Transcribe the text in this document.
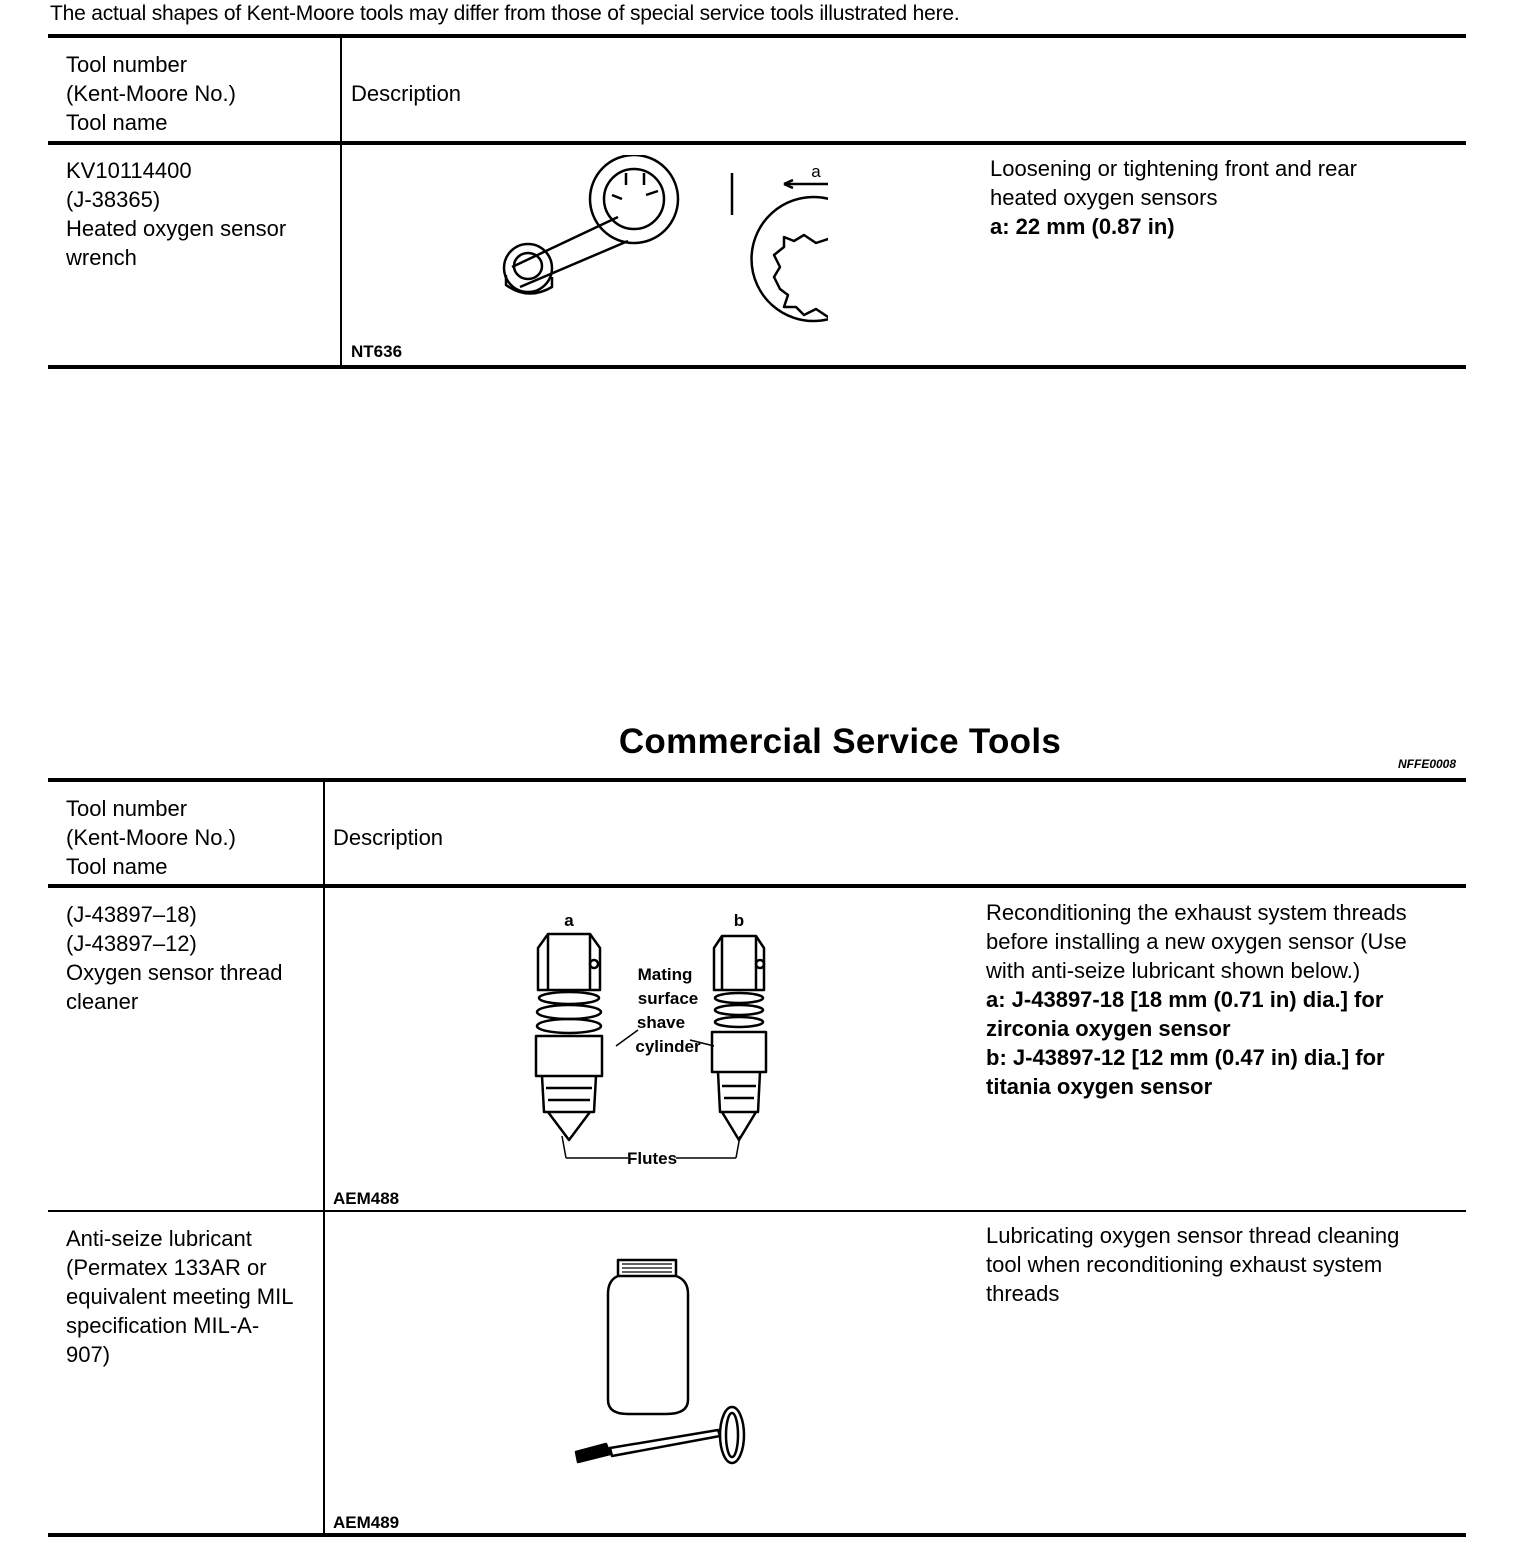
The actual shapes of Kent-Moore tools may differ from those of special service tools illustrated here.
Tool number
(Kent-Moore No.)
Tool name
Description
KV10114400
(J-38365)
Heated oxygen sensor
wrench
a
NT636
Loosening or tightening front and rear
heated oxygen sensors
a: 22 mm (0.87 in)
Commercial Service Tools
NFFE0008
Tool number
(Kent-Moore No.)
Tool name
Description
(J-43897–18)
(J-43897–12)
Oxygen sensor thread
cleaner
a	b
Mating
surface
shave
cylinder
Flutes
AEM488
Reconditioning the exhaust system threads
before installing a new oxygen sensor (Use
with anti-seize lubricant shown below.)
a: J-43897-18 [18 mm (0.71 in) dia.] for
zirconia oxygen sensor
b: J-43897-12 [12 mm (0.47 in) dia.] for
titania oxygen sensor
Anti-seize lubricant
(Permatex 133AR or
equivalent meeting MIL
specification MIL-A-
907)
AEM489
Lubricating oxygen sensor thread cleaning
tool when reconditioning exhaust system
threads
